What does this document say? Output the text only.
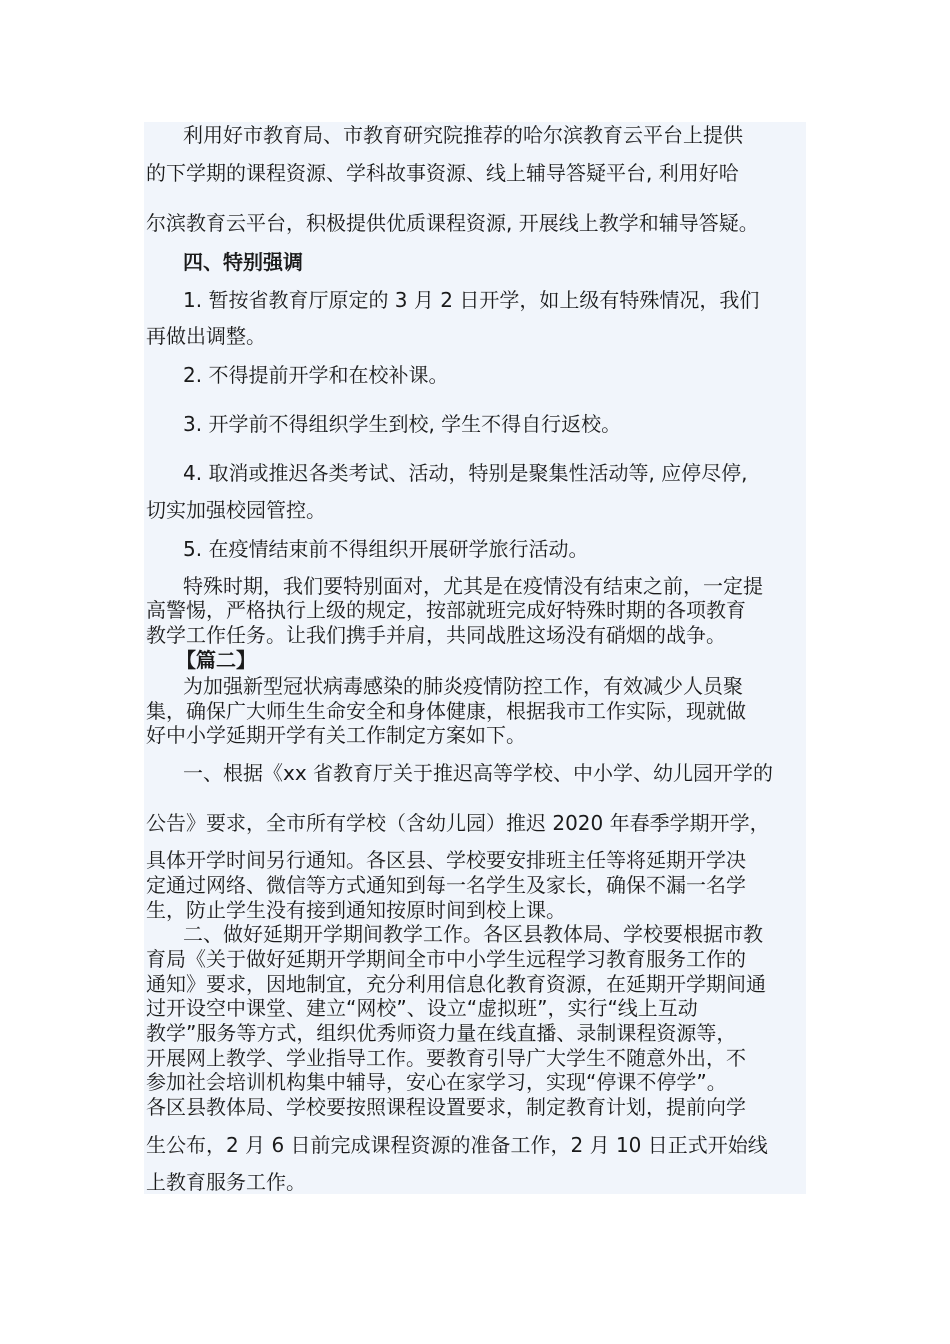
利用好市教育局、市教育研究院推荐的哈尔滨教育云平台上提供

的下学期的课程资源、学科故事资源、线上辅导答疑平台, 利用好哈

尔滨教育云平台，积极提供优质课程资源, 开展线上教学和辅导答疑。

四、特别强调

1. 暂按省教育厅原定的 3 月 2 日开学，如上级有特殊情况，我们

再做出调整。

2. 不得提前开学和在校补课。

3. 开学前不得组织学生到校, 学生不得自行返校。

4. 取消或推迟各类考试、活动，特别是聚集性活动等, 应停尽停,

切实加强校园管控。

5. 在疫情结束前不得组织开展研学旅行活动。

特殊时期，我们要特别面对，尤其是在疫情没有结束之前，一定提

高警惕，严格执行上级的规定，按部就班完成好特殊时期的各项教育

教学工作任务。让我们携手并肩，共同战胜这场没有硝烟的战争。

【篇二】

为加强新型冠状病毒感染的肺炎疫情防控工作，有效减少人员聚

集，确保广大师生生命安全和身体健康，根据我市工作实际，现就做

好中小学延期开学有关工作制定方案如下。

一、根据《xx 省教育厅关于推迟高等学校、中小学、幼儿园开学的

公告》要求，全市所有学校（含幼儿园）推迟 2020 年春季学期开学，

具体开学时间另行通知。各区县、学校要安排班主任等将延期开学决

定通过网络、微信等方式通知到每一名学生及家长，确保不漏一名学

生，防止学生没有接到通知按原时间到校上课。

二、做好延期开学期间教学工作。各区县教体局、学校要根据市教

育局《关于做好延期开学期间全市中小学生远程学习教育服务工作的

通知》要求，因地制宜，充分利用信息化教育资源，在延期开学期间通

过开设空中课堂、建立“网校”、设立“虚拟班”，实行“线上互动

教学”服务等方式，组织优秀师资力量在线直播、录制课程资源等，

开展网上教学、学业指导工作。要教育引导广大学生不随意外出，不

参加社会培训机构集中辅导，安心在家学习，实现“停课不停学”。

各区县教体局、学校要按照课程设置要求，制定教育计划，提前向学

生公布，2 月 6 日前完成课程资源的准备工作，2 月 10 日正式开始线

上教育服务工作。
